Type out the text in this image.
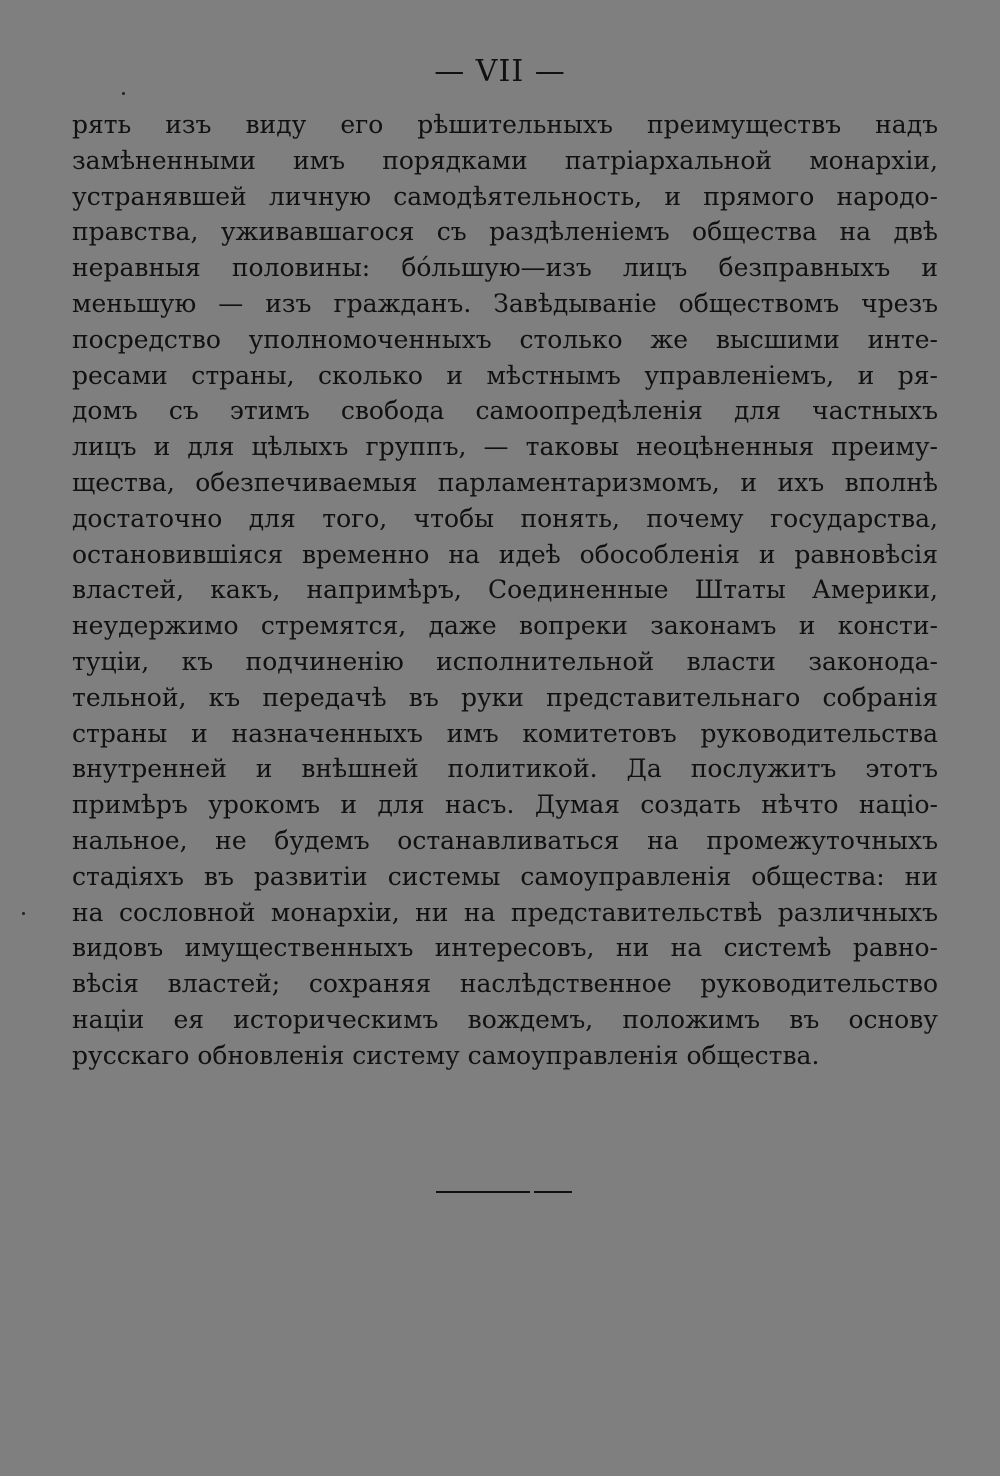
— VII —
рять изъ виду его рѣшительныхъ преимуществъ надъ
замѣненными имъ порядками патріархальной монархіи,
устранявшей личную самодѣятельность, и прямого народо-
правства, уживавшагося съ раздѣленіемъ общества на двѣ
неравныя половины: бóльшую—изъ лицъ безправныхъ и
меньшую — изъ гражданъ. Завѣдываніе обществомъ чрезъ
посредство уполномоченныхъ столько же высшими инте-
ресами страны, сколько и мѣстнымъ управленіемъ, и ря-
домъ съ этимъ свобода самоопредѣленія для частныхъ
лицъ и для цѣлыхъ группъ, — таковы неоцѣненныя преиму-
щества, обезпечиваемыя парламентаризмомъ, и ихъ вполнѣ
достаточно для того, чтобы понять, почему государства,
остановившіяся временно на идеѣ обособленія и равновѣсія
властей, какъ, напримѣръ, Соединенные Штаты Америки,
неудержимо стремятся, даже вопреки законамъ и консти-
туціи, къ подчиненію исполнительной власти законода-
тельной, къ передачѣ въ руки представительнаго собранія
страны и назначенныхъ имъ комитетовъ руководительства
внутренней и внѣшней политикой. Да послужитъ этотъ
примѣръ урокомъ и для насъ. Думая создать нѣчто націо-
нальное, не будемъ останавливаться на промежуточныхъ
стадіяхъ въ развитіи системы самоуправленія общества: ни
на сословной монархіи, ни на представительствѣ различныхъ
видовъ имущественныхъ интересовъ, ни на системѣ равно-
вѣсія властей; сохраняя наслѣдственное руководительство
націи ея историческимъ вождемъ, положимъ въ основу
русскаго обновленія систему самоуправленія общества.
